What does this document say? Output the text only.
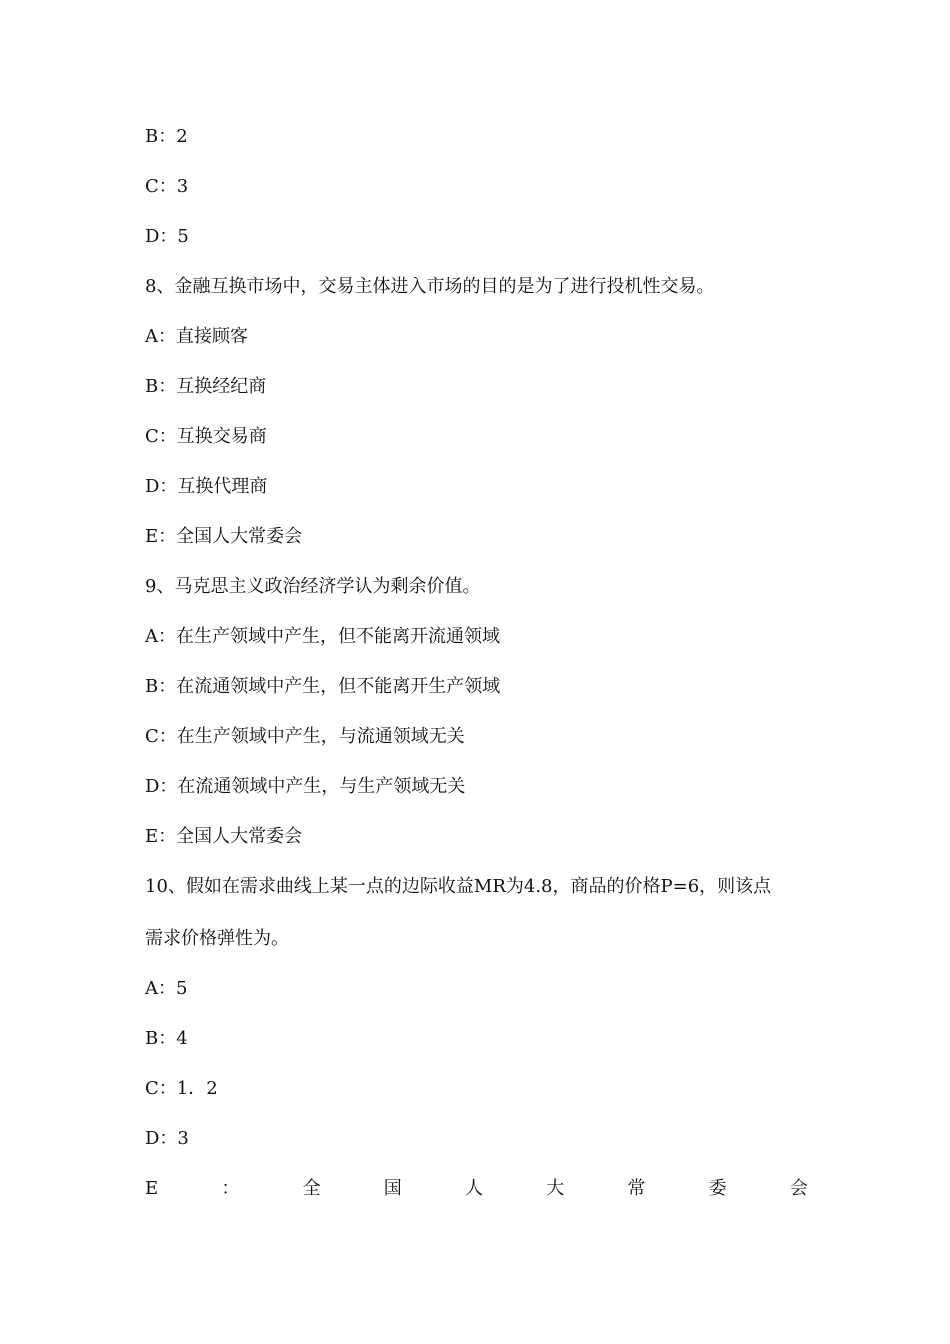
B：2
C：3
D：5
8、金融互换市场中，交易主体进入市场的目的是为了进行投机性交易。
A：直接顾客
B：互换经纪商
C：互换交易商
D：互换代理商
E：全国人大常委会
9、马克思主义政治经济学认为剩余价值。
A：在生产领域中产生，但不能离开流通领域
B：在流通领域中产生，但不能离开生产领域
C：在生产领域中产生，与流通领域无关
D：在流通领域中产生，与生产领域无关
E：全国人大常委会
10、假如在需求曲线上某一点的边际收益MR为4.8，商品的价格P=6，则该点
需求价格弹性为。
A：5
B：4
C：1．2
D：3
E	：	全	国	人	大	常	委	会
